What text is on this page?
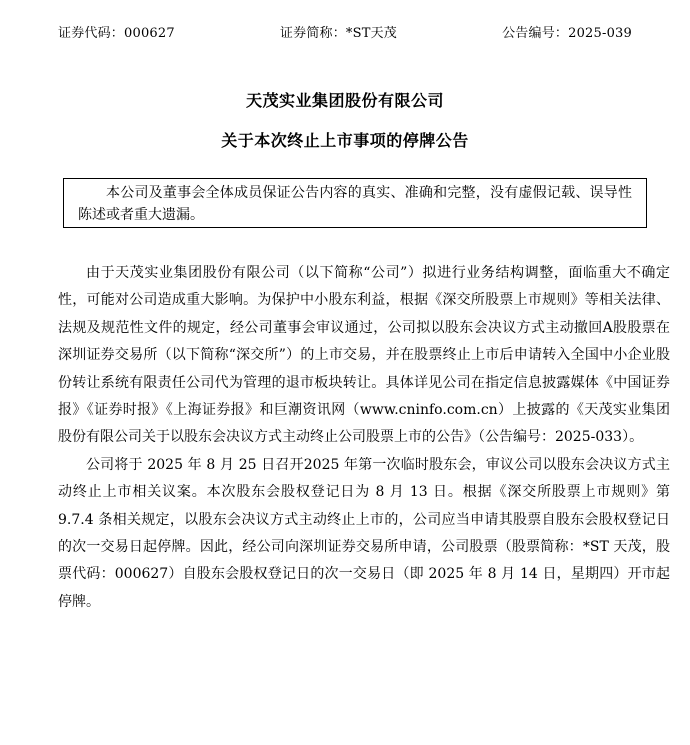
证券代码：000627	证券简称：*ST天茂	公告编号：2025-039
天茂实业集团股份有限公司
关于本次终止上市事项的停牌公告
本公司及董事会全体成员保证公告内容的真实、准确和完整，没有虚假记载、误导性陈述或者重大遗漏。

由于天茂实业集团股份有限公司（以下简称“公司”）拟进行业务结构调整，面临重大不确定性，可能对公司造成重大影响。为保护中小股东利益，根据《深交所股票上市规则》等相关法律、法规及规范性文件的规定，经公司董事会审议通过，公司拟以股东会决议方式主动撤回A股股票在深圳证券交易所（以下简称“深交所”）的上市交易，并在股票终止上市后申请转入全国中小企业股份转让系统有限责任公司代为管理的退市板块转让。具体详见公司在指定信息披露媒体《中国证券报》《证券时报》《上海证券报》和巨潮资讯网（www.cninfo.com.cn）上披露的《天茂实业集团股份有限公司关于以股东会决议方式主动终止公司股票上市的公告》（公告编号：2025-033）。

公司将于 2025 年 8 月 25 日召开2025 年第一次临时股东会，审议公司以股东会决议方式主动终止上市相关议案。本次股东会股权登记日为 8 月 13 日。根据《深交所股票上市规则》第 9.7.4 条相关规定，以股东会决议方式主动终止上市的，公司应当申请其股票自股东会股权登记日的次一交易日起停牌。因此，经公司向深圳证券交易所申请，公司股票（股票简称：*ST 天茂，股票代码：000627）自股东会股权登记日的次一交易日（即 2025 年 8 月 14 日，星期四）开市起停牌。
